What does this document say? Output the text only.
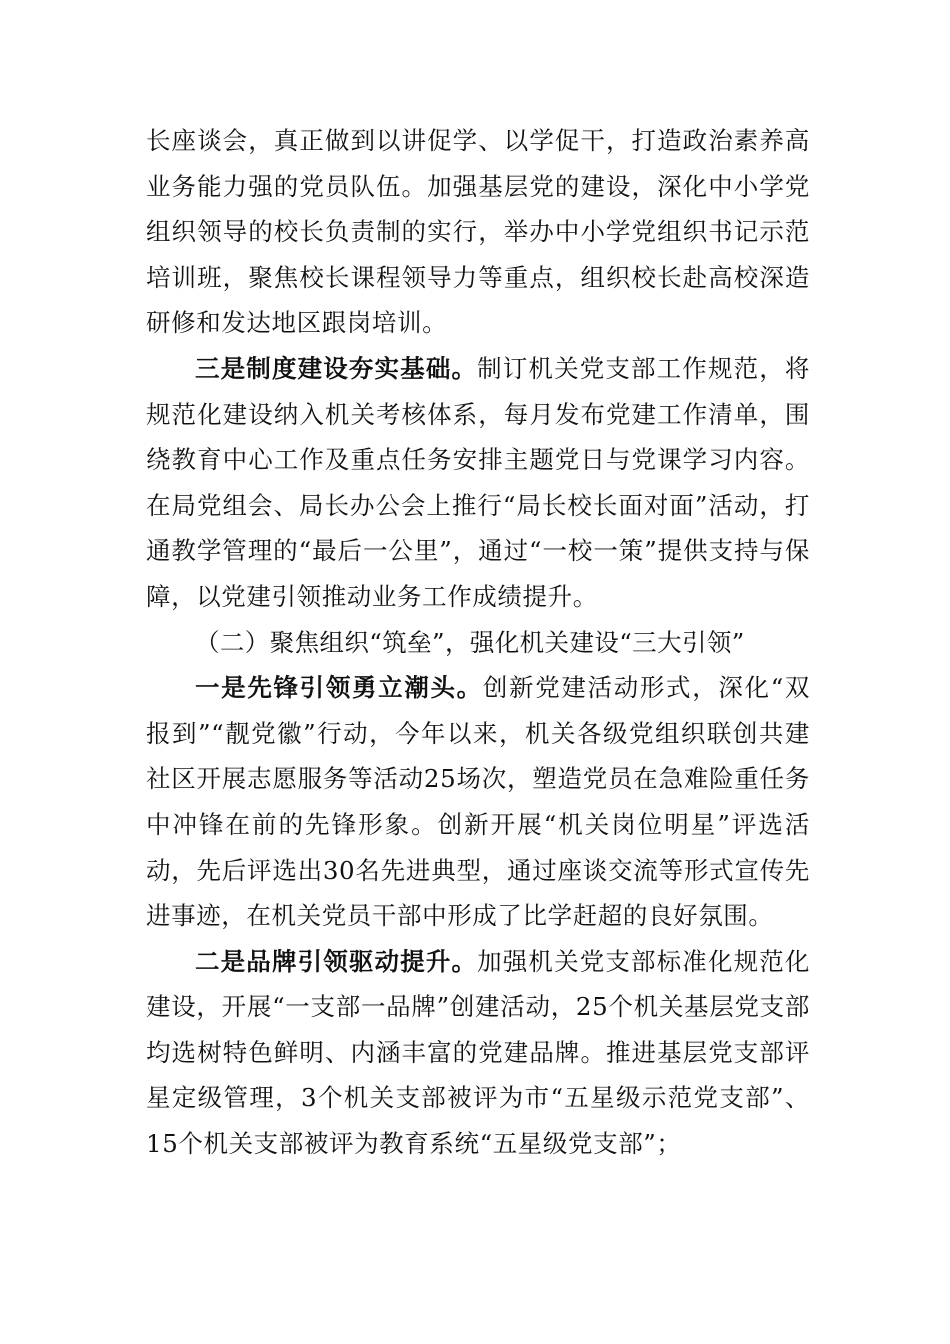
长座谈会，真正做到以讲促学、以学促干，打造政治素养高业务能力强的党员队伍。加强基层党的建设，深化中小学党组织领导的校长负责制的实行，举办中小学党组织书记示范培训班，聚焦校长课程领导力等重点，组织校长赴高校深造研修和发达地区跟岗培训。

三是制度建设夯实基础。制订机关党支部工作规范，将规范化建设纳入机关考核体系，每月发布党建工作清单，围绕教育中心工作及重点任务安排主题党日与党课学习内容。在局党组会、局长办公会上推行“局长校长面对面”活动，打通教学管理的“最后一公里”，通过“一校一策”提供支持与保障，以党建引领推动业务工作成绩提升。

（二）聚焦组织“筑垒”，强化机关建设“三大引领”

一是先锋引领勇立潮头。创新党建活动形式，深化“双报到”“靓党徽”行动，今年以来，机关各级党组织联创共建社区开展志愿服务等活动25场次，塑造党员在急难险重任务中冲锋在前的先锋形象。创新开展“机关岗位明星”评选活动，先后评选出30名先进典型，通过座谈交流等形式宣传先进事迹，在机关党员干部中形成了比学赶超的良好氛围。

二是品牌引领驱动提升。加强机关党支部标准化规范化建设，开展“一支部一品牌”创建活动，25个机关基层党支部均选树特色鲜明、内涵丰富的党建品牌。推进基层党支部评星定级管理，3个机关支部被评为市“五星级示范党支部”、15个机关支部被评为教育系统“五星级党支部”；
